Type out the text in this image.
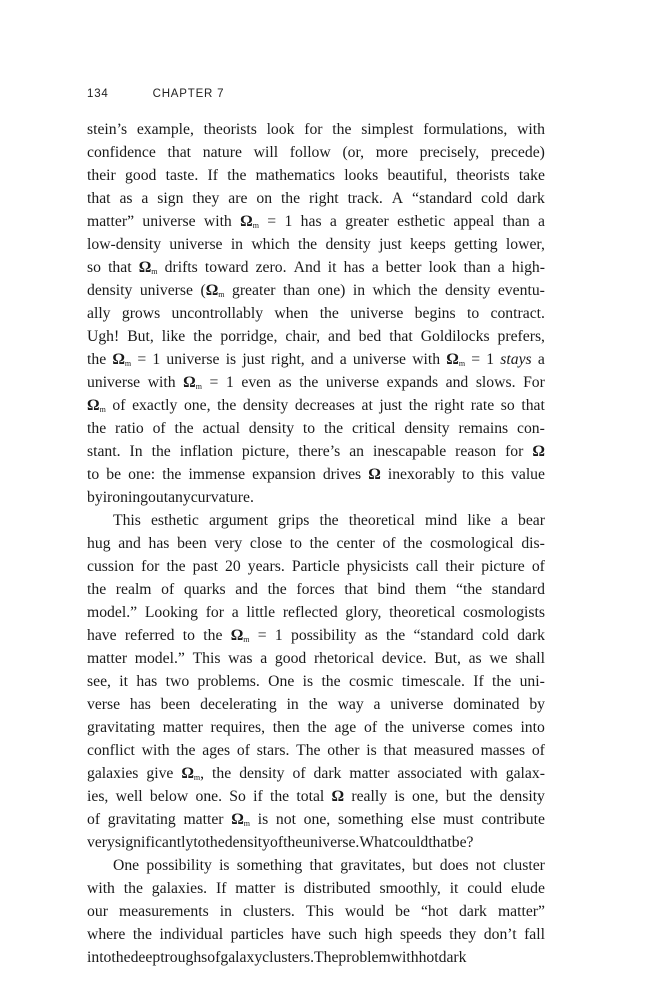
134	CHAPTER 7
stein’s example, theorists look for the simplest formulations, with
confidence that nature will follow (or, more precisely, precede)
their good taste. If the mathematics looks beautiful, theorists take
that as a sign they are on the right track. A “standard cold dark
matter” universe with $\Omega_m = 1$ has a greater esthetic appeal than a
low-density universe in which the density just keeps getting lower,
so that $\Omega_m$ drifts toward zero. And it has a better look than a high-
density universe ($\Omega_m$ greater than one) in which the density eventu-
ally grows uncontrollably when the universe begins to contract.
Ugh! But, like the porridge, chair, and bed that Goldilocks prefers,
the $\Omega_m = 1$ universe is just right, and a universe with $\Omega_m = 1$ stays a
universe with $\Omega_m = 1$ even as the universe expands and slows. For
$\Omega_m$ of exactly one, the density decreases at just the right rate so that
the ratio of the actual density to the critical density remains con-
stant. In the inflation picture, there’s an inescapable reason for Ω
to be one: the immense expansion drives Ω inexorably to this value
by ironing out any curvature.
This esthetic argument grips the theoretical mind like a bear
hug and has been very close to the center of the cosmological dis-
cussion for the past 20 years. Particle physicists call their picture of
the realm of quarks and the forces that bind them “the standard
model.” Looking for a little reflected glory, theoretical cosmologists
have referred to the $\Omega_m = 1$ possibility as the “standard cold dark
matter model.” This was a good rhetorical device. But, as we shall
see, it has two problems. One is the cosmic timescale. If the uni-
verse has been decelerating in the way a universe dominated by
gravitating matter requires, then the age of the universe comes into
conflict with the ages of stars. The other is that measured masses of
galaxies give $\Omega_m$, the density of dark matter associated with galax-
ies, well below one. So if the total Ω really is one, but the density
of gravitating matter $\Omega_m$ is not one, something else must contribute
very significantly to the density of the universe. What could that be?
One possibility is something that gravitates, but does not cluster
with the galaxies. If matter is distributed smoothly, it could elude
our measurements in clusters. This would be “hot dark matter”
where the individual particles have such high speeds they don’t fall
in to the deep troughs of galaxy clusters. The problem with hot dark
